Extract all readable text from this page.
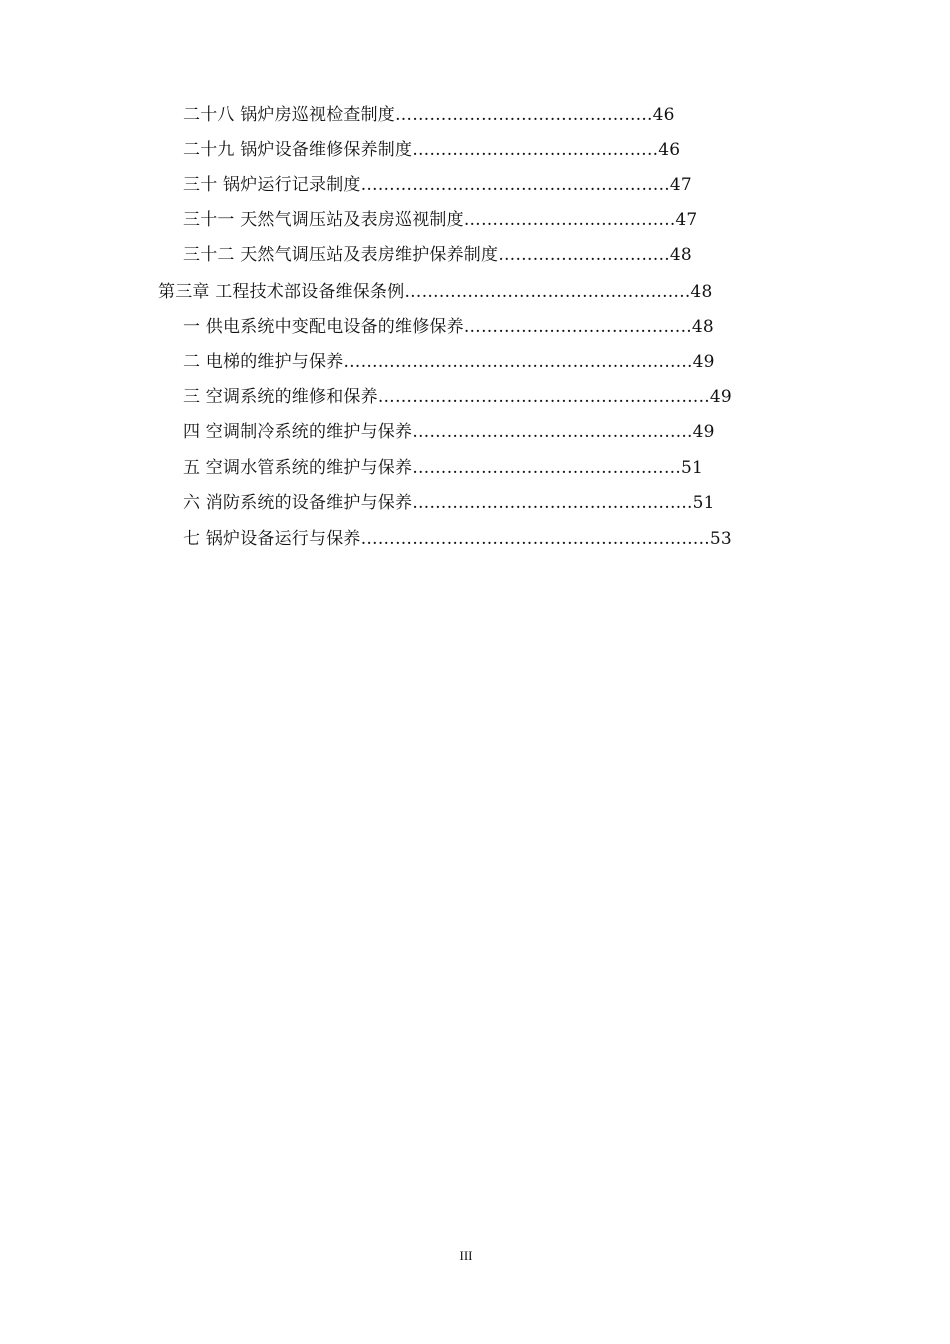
二十八 锅炉房巡视检查制度……………………………….……..46
二十九 锅炉设备维修保养制度……………………………..……..46
三十 锅炉运行记录制度……………………….……………………..47
三十一 天然气调压站及表房巡视制度…………………..…………..47
三十二 天然气调压站及表房维护保养制度………………….……..48
第三章 工程技术部设备维保条例………….…………………………..…..48
一 供电系统中变配电设备的维修保养…………........………………..48
二 电梯的维护与保养…………………….……………………….……..49
三 空调系统的维修和保养……………………………….………….……..49
四 空调制冷系统的维护与保养…………………………..……………..49
五 空调水管系统的维护与保养…………………………..……...……51
六 消防系统的设备维护与保养……………………….………….……..51
七 锅炉设备运行与保养………………………………….………….……..53
III
